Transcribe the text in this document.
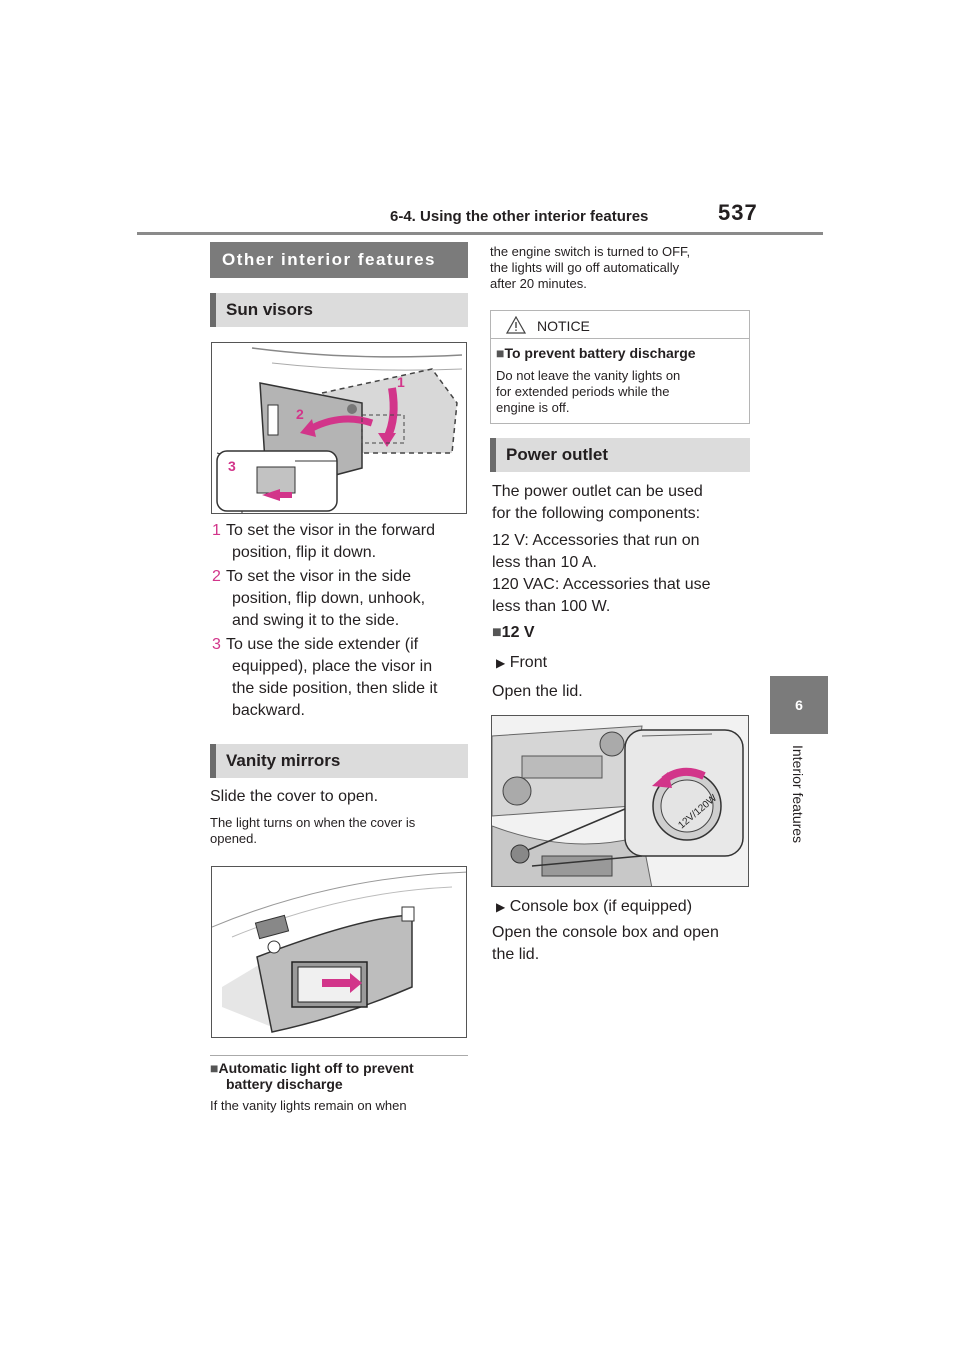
6-4. Using the other interior features	537
6
Interior features
Other interior features
Sun visors
1
2
3
1 To set the visor in the forward
position, flip it down.
2 To set the visor in the side
position, flip down, unhook,
and swing it to the side.
3 To use the side extender (if
equipped), place the visor in
the side position, then slide it
backward.
Vanity mirrors
Slide the cover to open.
The light turns on when the cover is
opened.
■Automatic light off to prevent
battery discharge
If the vanity lights remain on when
the engine switch is turned to OFF,
the lights will go off automatically
after 20 minutes.
NOTICE
■To prevent battery discharge
Do not leave the vanity lights on
for extended periods while the
engine is off.
Power outlet
The power outlet can be used
for the following components:
12 V: Accessories that run on
less than 10 A.
120 VAC: Accessories that use
less than 100 W.
■12 V
▶ Front
Open the lid.
12V/120W
▶ Console box (if equipped)
Open the console box and open
the lid.
